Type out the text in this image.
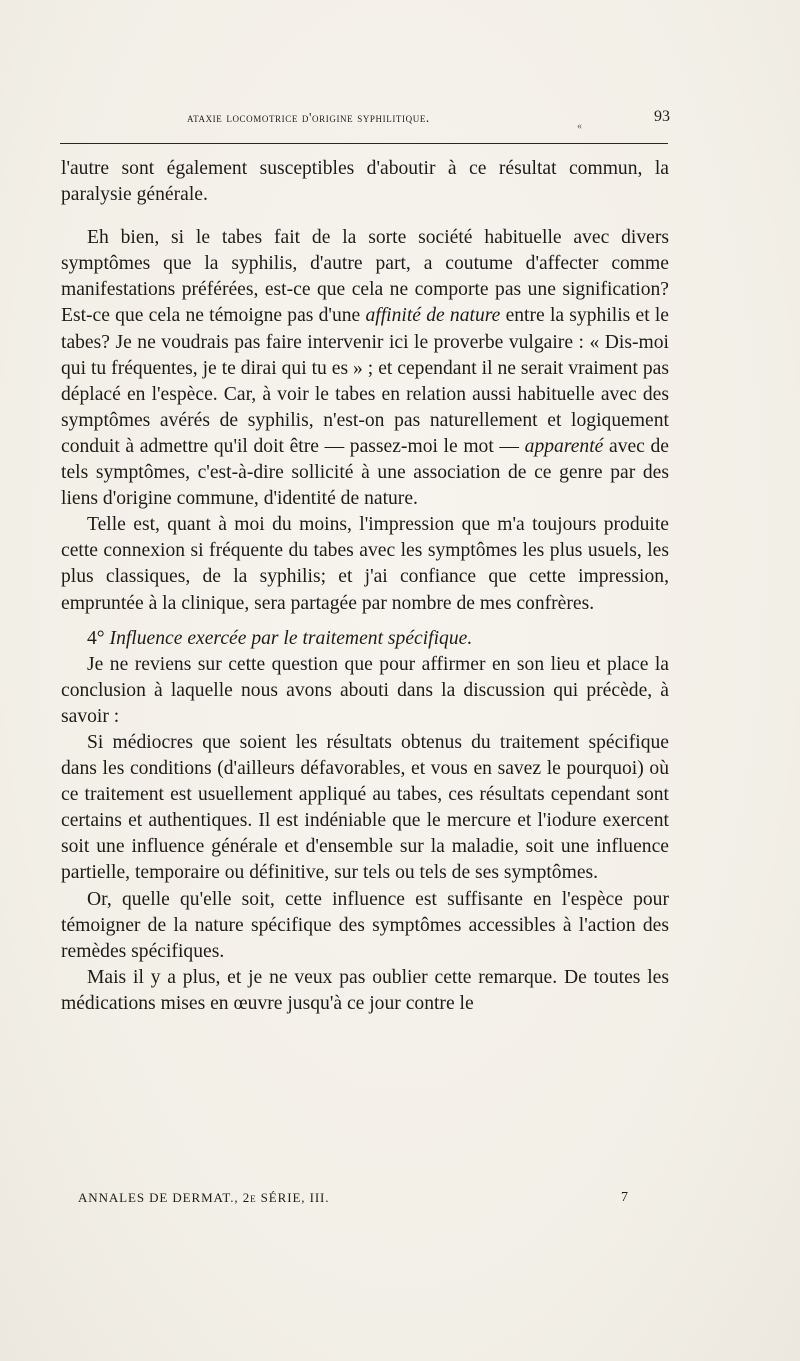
ataxie locomotrice d'origine syphilitique.	93
«

l'autre sont également susceptibles d'aboutir à ce résultat commun, la paralysie générale.

Eh bien, si le tabes fait de la sorte société habituelle avec divers symptômes que la syphilis, d'autre part, a coutume d'affecter comme manifestations préférées, est-ce que cela ne comporte pas une signification? Est-ce que cela ne témoigne pas d'une affinité de nature entre la syphilis et le tabes? Je ne voudrais pas faire intervenir ici le proverbe vulgaire : « Dis-moi qui tu fréquentes, je te dirai qui tu es » ; et cependant il ne serait vraiment pas déplacé en l'espèce. Car, à voir le tabes en relation aussi habituelle avec des symptômes avérés de syphilis, n'est-on pas naturellement et logiquement conduit à admettre qu'il doit être — passez-moi le mot — apparenté avec de tels symptômes, c'est-à-dire sollicité à une association de ce genre par des liens d'origine commune, d'identité de nature.

Telle est, quant à moi du moins, l'impression que m'a toujours produite cette connexion si fréquente du tabes avec les symptômes les plus usuels, les plus classiques, de la syphilis; et j'ai confiance que cette impression, empruntée à la clinique, sera partagée par nombre de mes confrères.

4° Influence exercée par le traitement spécifique.

Je ne reviens sur cette question que pour affirmer en son lieu et place la conclusion à laquelle nous avons abouti dans la discussion qui précède, à savoir :

Si médiocres que soient les résultats obtenus du traitement spécifique dans les conditions (d'ailleurs défavorables, et vous en savez le pourquoi) où ce traitement est usuellement appliqué au tabes, ces résultats cependant sont certains et authentiques. Il est indéniable que le mercure et l'iodure exercent soit une influence générale et d'ensemble sur la maladie, soit une influence partielle, temporaire ou définitive, sur tels ou tels de ses symptômes.

Or, quelle qu'elle soit, cette influence est suffisante en l'espèce pour témoigner de la nature spécifique des symptômes accessibles à l'action des remèdes spécifiques.

Mais il y a plus, et je ne veux pas oublier cette remarque. De toutes les médications mises en œuvre jusqu'à ce jour contre le

ANNALES DE DERMAT., 2e SÉRIE, III.	7
